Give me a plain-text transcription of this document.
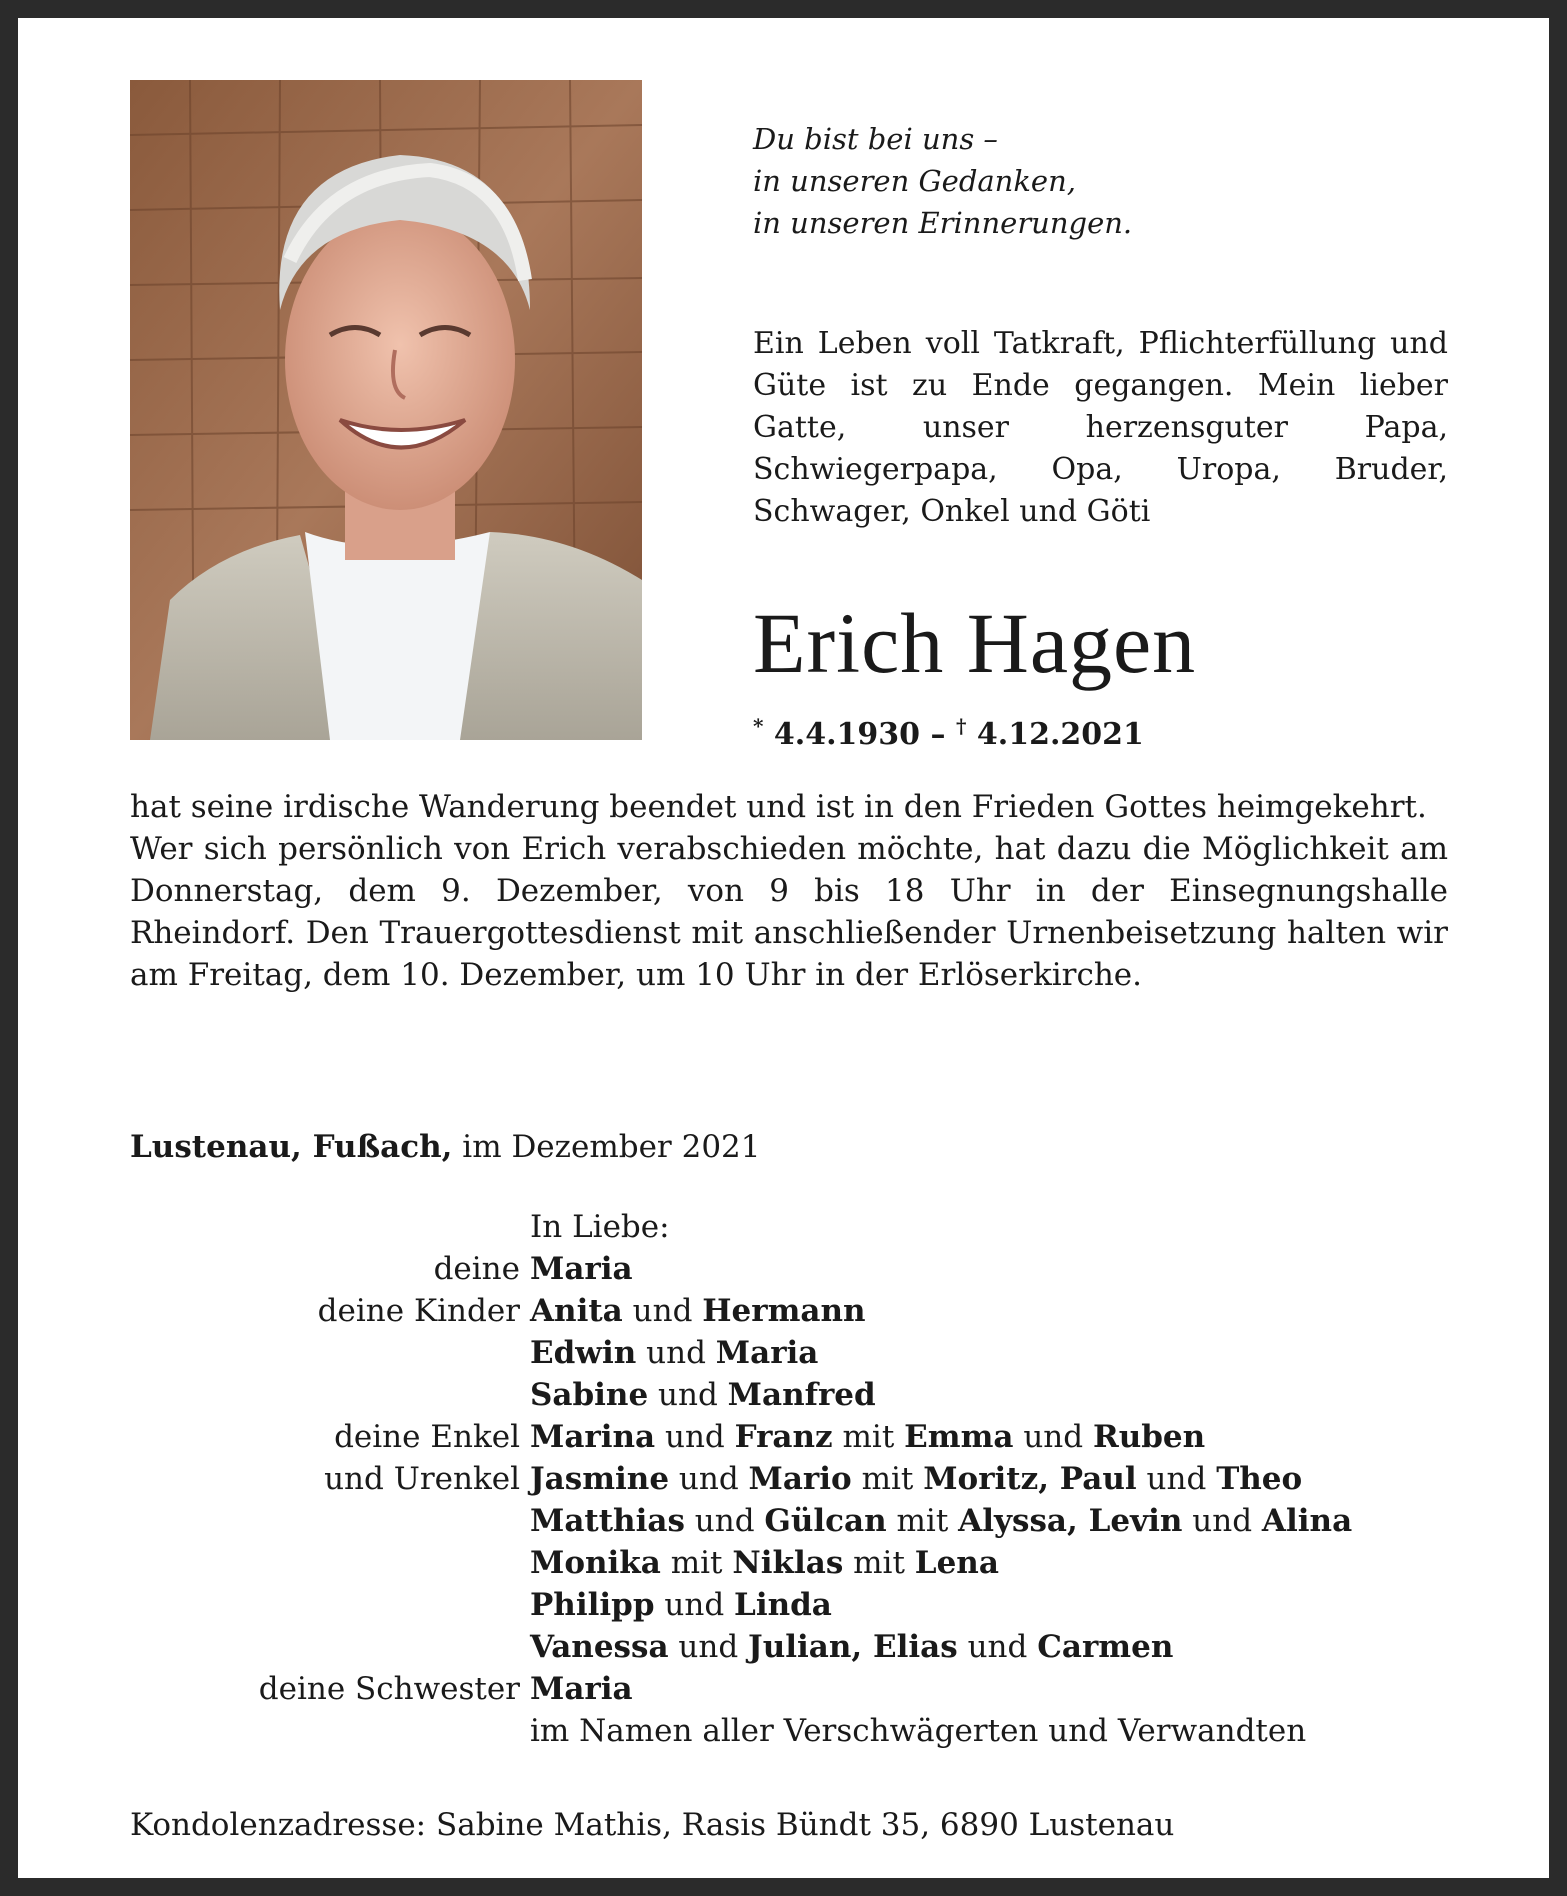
Du bist bei uns –
in unseren Gedanken,
in unseren Erinnerungen.

Ein Leben voll Tatkraft, Pflichterfüllung und Güte ist zu Ende gegangen. Mein lieber Gatte, unser herzensguter Papa, Schwiegerpapa, Opa, Uropa, Bruder, Schwager, Onkel und Göti

Erich Hagen
* 4.4.1930 – † 4.12.2021

hat seine irdische Wanderung beendet und ist in den Frieden Gottes heimgekehrt.

Wer sich persönlich von Erich verabschieden möchte, hat dazu die Möglichkeit am Donnerstag, dem 9. Dezember, von 9 bis 18 Uhr in der Einsegnungshalle Rheindorf. Den Trauergottesdienst mit anschließender Urnenbeisetzung halten wir am Freitag, dem 10. Dezember, um 10 Uhr in der Erlöserkirche.

Lustenau, Fußach, im Dezember 2021
In Liebe:
deine Maria
deine Kinder Anita und Hermann
Edwin und Maria
Sabine und Manfred
deine Enkel Marina und Franz mit Emma und Ruben
und Urenkel Jasmine und Mario mit Moritz, Paul und Theo
Matthias und Gülcan mit Alyssa, Levin und Alina
Monika mit Niklas mit Lena
Philipp und Linda
Vanessa und Julian, Elias und Carmen
deine Schwester Maria
im Namen aller Verschwägerten und Verwandten
Kondolenzadresse: Sabine Mathis, Rasis Bündt 35, 6890 Lustenau
